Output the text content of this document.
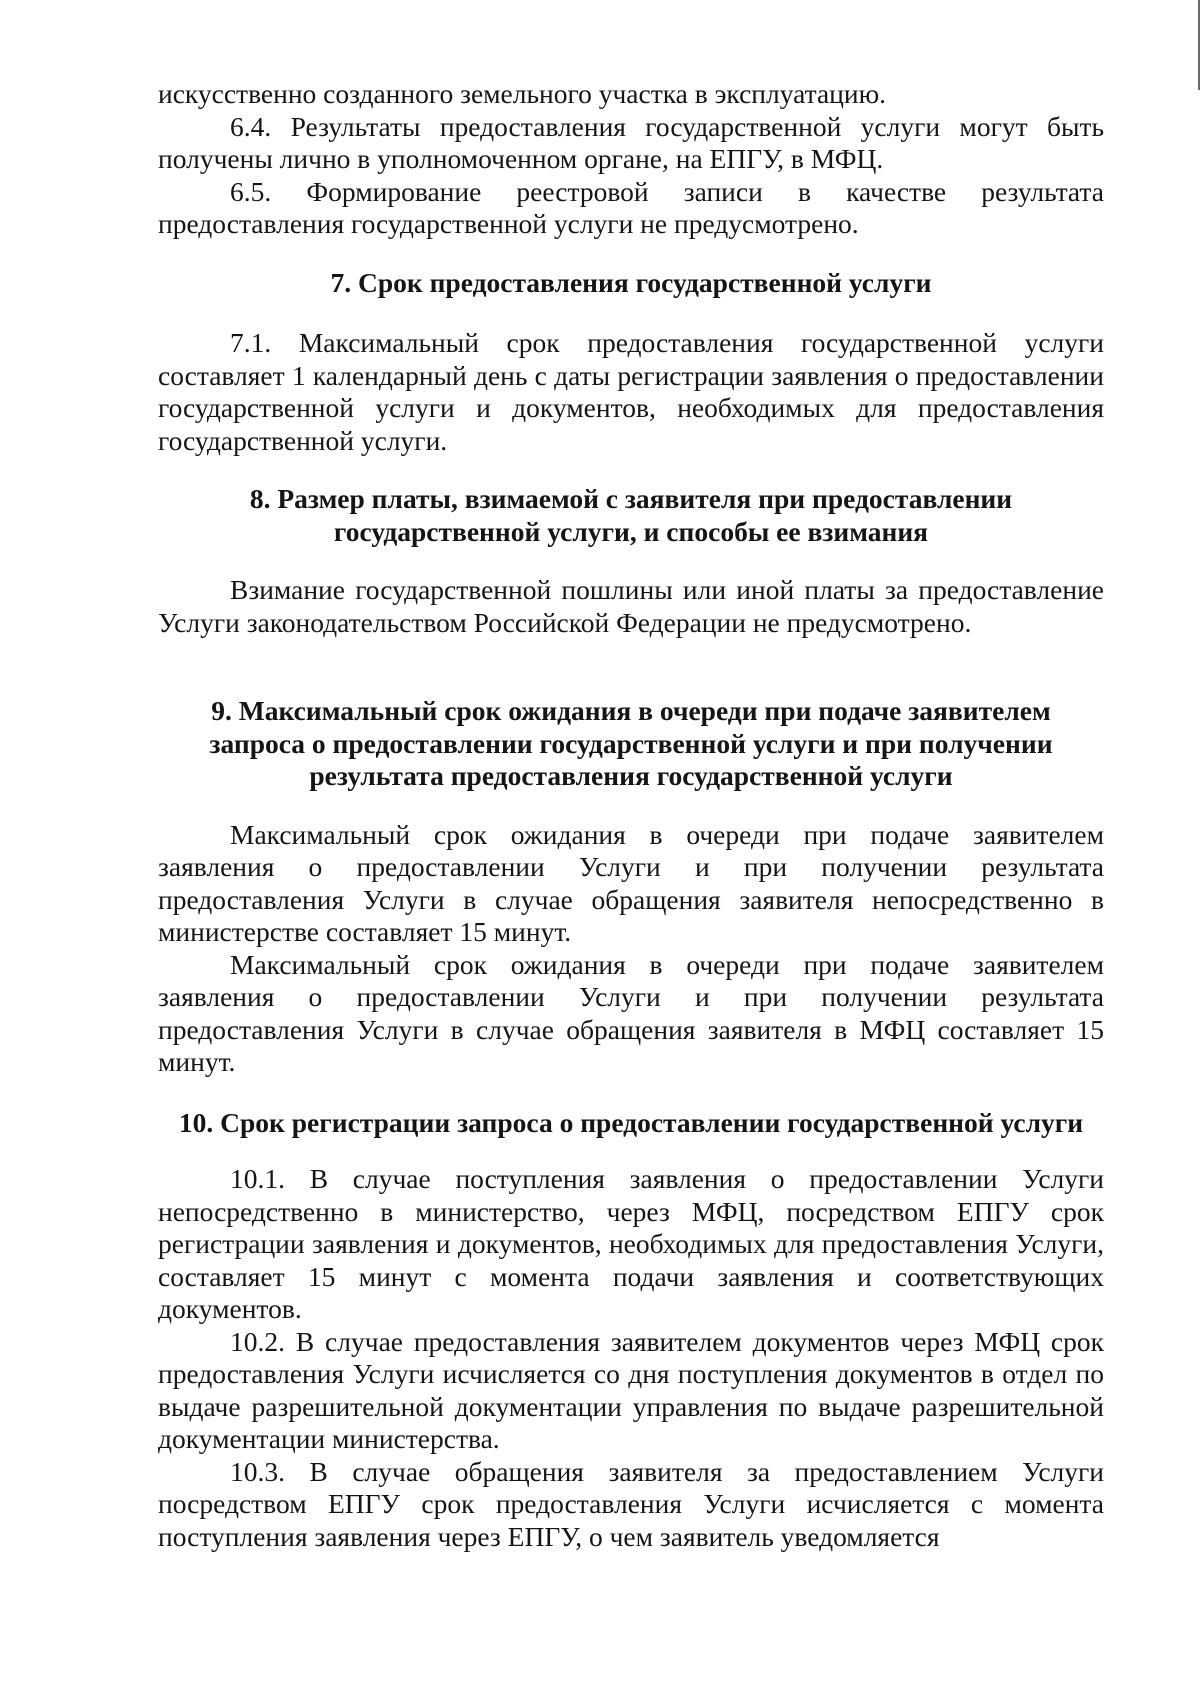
искусственно созданного земельного участка в эксплуатацию.

6.4. Результаты предоставления государственной услуги могут быть получены лично в уполномоченном органе, на ЕПГУ, в МФЦ.

6.5. Формирование реестровой записи в качестве результата предоставления государственной услуги не предусмотрено.

7. Срок предоставления государственной услуги

7.1. Максимальный срок предоставления государственной услуги составляет 1 календарный день с даты регистрации заявления о предоставлении государственной услуги и документов, необходимых для предоставления государственной услуги.

8. Размер платы, взимаемой с заявителя при предоставлении
государственной услуги, и способы ее взимания

Взимание государственной пошлины или иной платы за предоставление Услуги законодательством Российской Федерации не предусмотрено.

9. Максимальный срок ожидания в очереди при подаче заявителем
запроса о предоставлении государственной услуги и при получении
результата предоставления государственной услуги

Максимальный срок ожидания в очереди при подаче заявителем заявления о предоставлении Услуги и при получении результата предоставления Услуги в случае обращения заявителя непосредственно в министерстве составляет 15 минут.

Максимальный срок ожидания в очереди при подаче заявителем заявления о предоставлении Услуги и при получении результата предоставления Услуги в случае обращения заявителя в МФЦ составляет 15 минут.

10. Срок регистрации запроса о предоставлении государственной услуги

10.1. В случае поступления заявления о предоставлении Услуги непосредственно в министерство, через МФЦ, посредством ЕПГУ срок регистрации заявления и документов, необходимых для предоставления Услуги, составляет 15 минут с момента подачи заявления и соответствующих документов.

10.2. В случае предоставления заявителем документов через МФЦ срок предоставления Услуги исчисляется со дня поступления документов в отдел по выдаче разрешительной документации управления по выдаче разрешительной документации министерства.

10.3. В случае обращения заявителя за предоставлением Услуги посредством ЕПГУ срок предоставления Услуги исчисляется с момента поступления заявления через ЕПГУ, о чем заявитель уведомляется
